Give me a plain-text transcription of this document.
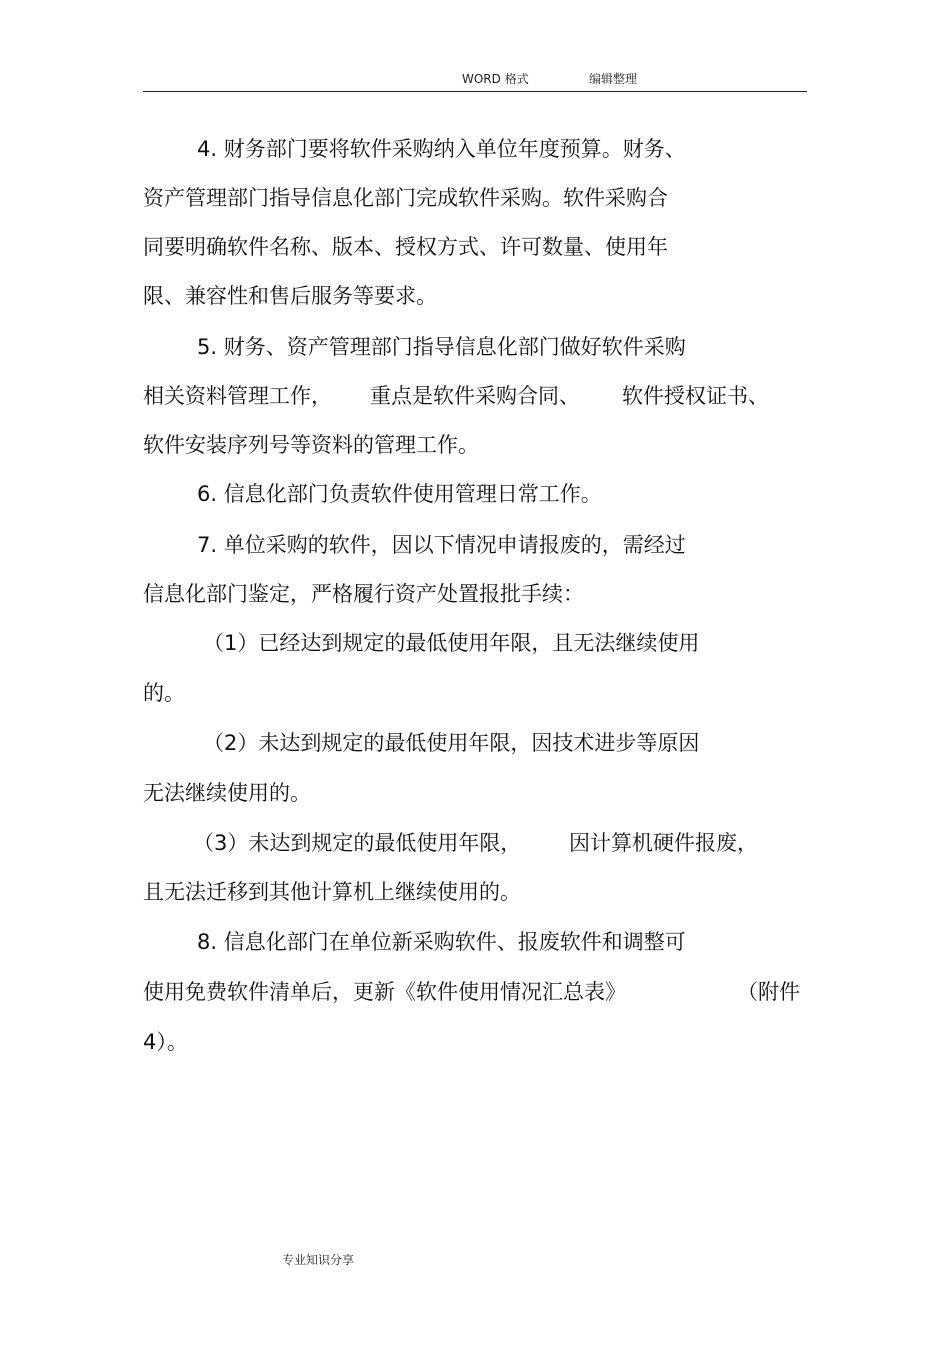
WORD 格式	编辑整理
4. 财务部门要将软件采购纳入单位年度预算。财务、
资产管理部门指导信息化部门完成软件采购。软件采购合
同要明确软件名称、版本、授权方式、许可数量、使用年
限、兼容性和售后服务等要求。
5. 财务、资产管理部门指导信息化部门做好软件采购
相关资料管理工作， 重点是软件采购合同、 软件授权证书、
软件安装序列号等资料的管理工作。
6. 信息化部门负责软件使用管理日常工作。
7. 单位采购的软件，因以下情况申请报废的，需经过
信息化部门鉴定，严格履行资产处置报批手续：
（1）已经达到规定的最低使用年限，且无法继续使用
的。
（2）未达到规定的最低使用年限，因技术进步等原因
无法继续使用的。
（3）未达到规定的最低使用年限， 因计算机硬件报废，
且无法迁移到其他计算机上继续使用的。
8. 信息化部门在单位新采购软件、报废软件和调整可
使用免费软件清单后，更新《软件使用情况汇总表》	（附件
4）。
专业知识分享
